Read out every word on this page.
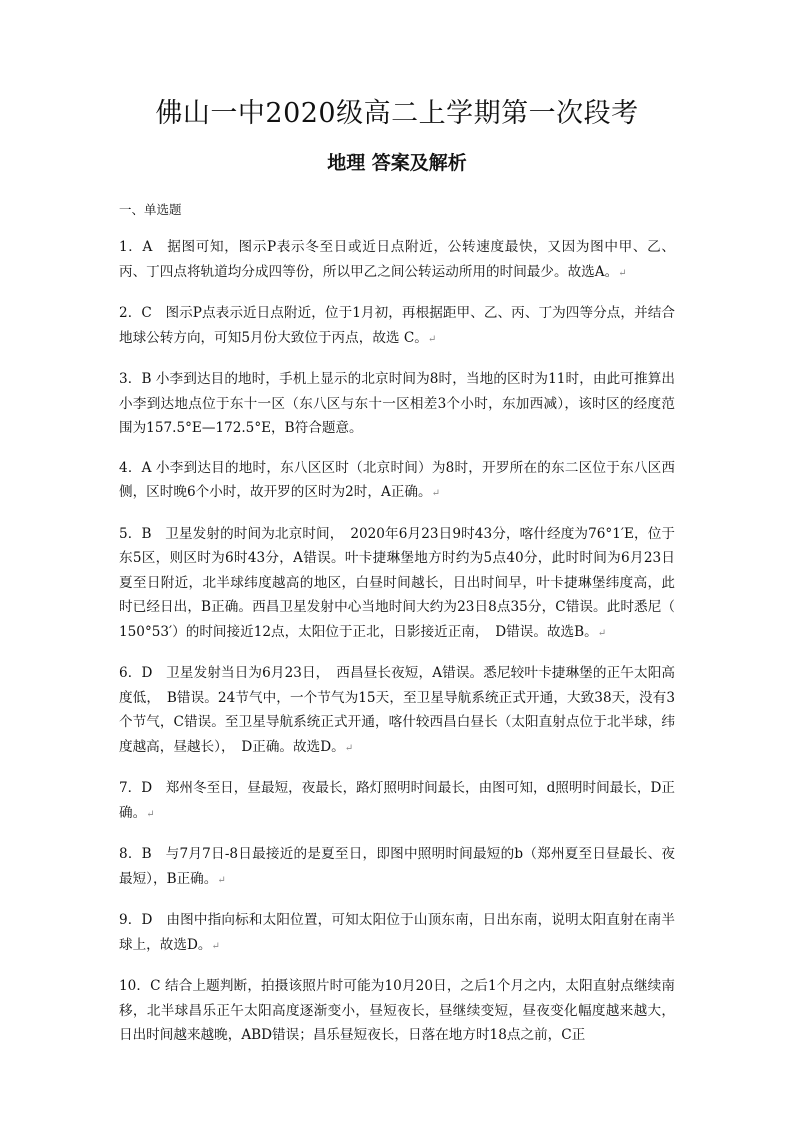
佛山一中2020级高二上学期第一次段考
地理 答案及解析
一、单选题

1．A　据图可知，图示P表示冬至日或近日点附近，公转速度最快，又因为图中甲、乙、丙、丁四点将轨道均分成四等份，所以甲乙之间公转运动所用的时间最少。故选A。↵

2．C　图示P点表示近日点附近，位于1月初，再根据距甲、乙、丙、丁为四等分点，并结合地球公转方向，可知5月份大致位于丙点，故选 C。↵

3．B 小李到达目的地时，手机上显示的北京时间为8时，当地的区时为11时，由此可推算出小李到达地点位于东十一区（东八区与东十一区相差3个小时，东加西减），该时区的经度范围为157.5°E—172.5°E，B符合题意。

4．A 小李到达目的地时，东八区区时（北京时间）为8时，开罗所在的东二区位于东八区西侧，区时晚6个小时，故开罗的区时为2时，A正确。↵

5．B　卫星发射的时间为北京时间，　2020年6月23日9时43分，喀什经度为76°1′E，位于东5区，则区时为6时43分，A错误。叶卡捷琳堡地方时约为5点40分，此时时间为6月23日夏至日附近，北半球纬度越高的地区，白昼时间越长，日出时间早，叶卡捷琳堡纬度高，此时已经日出，B正确。西昌卫星发射中心当地时间大约为23日8点35分，C错误。此时悉尼（ 150°53′）的时间接近12点，太阳位于正北，日影接近正南，　D错误。故选B。↵

6．D　卫星发射当日为6月23日，　西昌昼长夜短，A错误。悉尼较叶卡捷琳堡的正午太阳高度低，　B错误。24节气中，一个节气为15天，至卫星导航系统正式开通，大致38天，没有3个节气，C错误。至卫星导航系统正式开通，喀什较西昌白昼长（太阳直射点位于北半球，纬度越高，昼越长），　D正确。故选D。↵

7．D　郑州冬至日，昼最短，夜最长，路灯照明时间最长，由图可知，d照明时间最长，D正确。↵

8．B　与7月7日-8日最接近的是夏至日，即图中照明时间最短的b（郑州夏至日昼最长、夜最短），B正确。↵

9．D　由图中指向标和太阳位置，可知太阳位于山顶东南，日出东南，说明太阳直射在南半球上，故选D。↵

10．C 结合上题判断，拍摄该照片时可能为10月20日，之后1个月之内，太阳直射点继续南移，北半球昌乐正午太阳高度逐渐变小，昼短夜长，昼继续变短，昼夜变化幅度越来越大，日出时间越来越晚，ABD错误；昌乐昼短夜长，日落在地方时18点之前，C正
